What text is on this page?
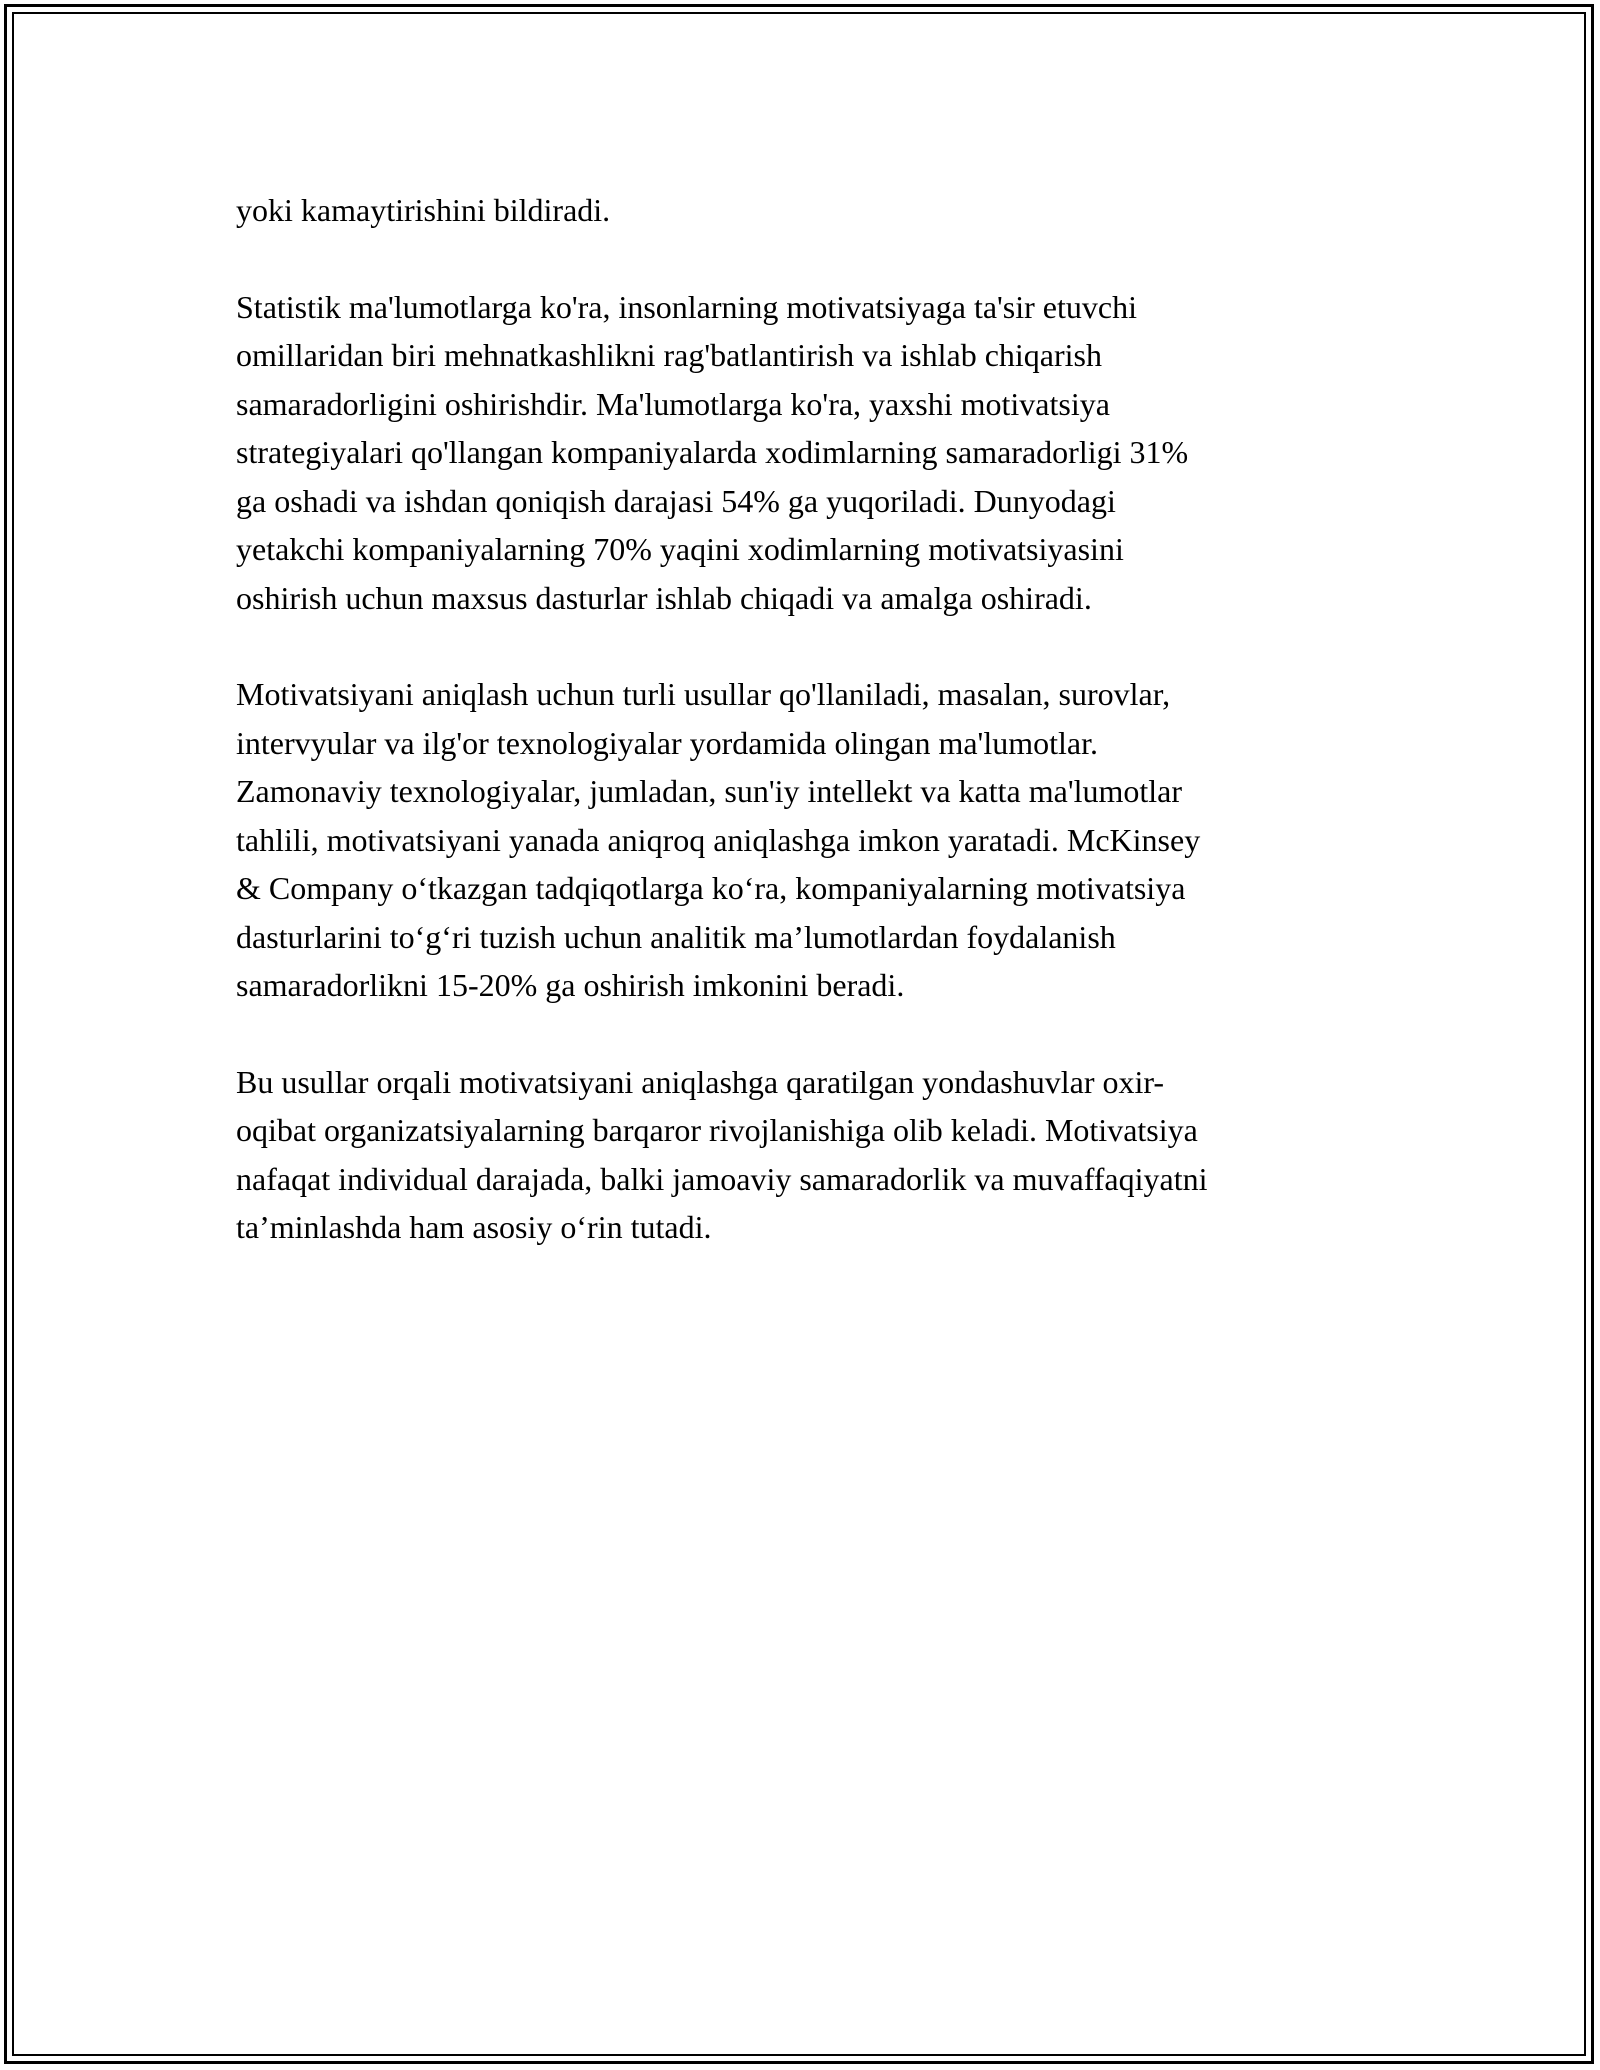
yoki kamaytirishini bildiradi.

Statistik ma'lumotlarga ko'ra, insonlarning motivatsiyaga ta'sir etuvchi
omillaridan biri mehnatkashlikni rag'batlantirish va ishlab chiqarish
samaradorligini oshirishdir. Ma'lumotlarga ko'ra, yaxshi motivatsiya
strategiyalari qo'llangan kompaniyalarda xodimlarning samaradorligi 31%
ga oshadi va ishdan qoniqish darajasi 54% ga yuqoriladi. Dunyodagi
yetakchi kompaniyalarning 70% yaqini xodimlarning motivatsiyasini
oshirish uchun maxsus dasturlar ishlab chiqadi va amalga oshiradi.

Motivatsiyani aniqlash uchun turli usullar qo'llaniladi, masalan, surovlar,
intervyular va ilg'or texnologiyalar yordamida olingan ma'lumotlar.
Zamonaviy texnologiyalar, jumladan, sun'iy intellekt va katta ma'lumotlar
tahlili, motivatsiyani yanada aniqroq aniqlashga imkon yaratadi. McKinsey
& Company o‘tkazgan tadqiqotlarga ko‘ra, kompaniyalarning motivatsiya
dasturlarini to‘g‘ri tuzish uchun analitik ma’lumotlardan foydalanish
samaradorlikni 15-20% ga oshirish imkonini beradi.

Bu usullar orqali motivatsiyani aniqlashga qaratilgan yondashuvlar oxir-
oqibat organizatsiyalarning barqaror rivojlanishiga olib keladi. Motivatsiya
nafaqat individual darajada, balki jamoaviy samaradorlik va muvaffaqiyatni
ta’minlashda ham asosiy o‘rin tutadi.
